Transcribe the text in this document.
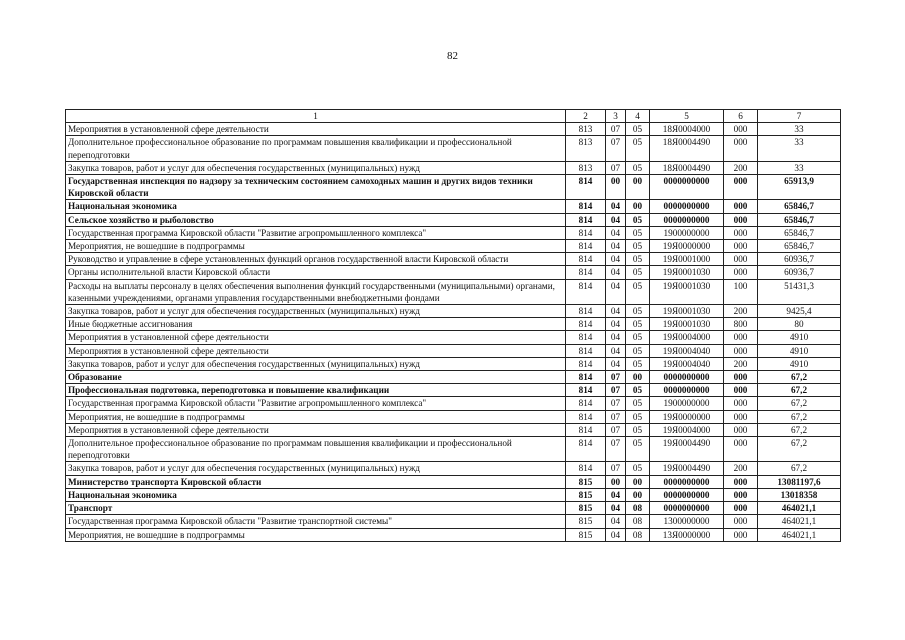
82
1	2	3	4	5	6	7
Мероприятия в установленной сфере деятельности	813	07	05	18Я0004000	000	33
Дополнительное профессиональное образование по программам повышения квалификации и профессиональной переподготовки	813	07	05	18Я0004490	000	33
Закупка товаров, работ и услуг для обеспечения государственных (муниципальных) нужд	813	07	05	18Я0004490	200	33
Государственная инспекция по надзору за техническим состоянием самоходных машин и других видов техники Кировской области	814	00	00	0000000000	000	65913,9
Национальная экономика	814	04	00	0000000000	000	65846,7
Сельское хозяйство и рыболовство	814	04	05	0000000000	000	65846,7
Государственная программа Кировской области "Развитие агропромышленного комплекса"	814	04	05	1900000000	000	65846,7
Мероприятия, не вошедшие в подпрограммы	814	04	05	19Я0000000	000	65846,7
Руководство и управление в сфере установленных функций органов государственной власти Кировской области	814	04	05	19Я0001000	000	60936,7
Органы исполнительной власти Кировской области	814	04	05	19Я0001030	000	60936,7
Расходы на выплаты персоналу в целях обеспечения выполнения функций государственными (муниципальными) органами, казенными учреждениями, органами управления государственными внебюджетными фондами	814	04	05	19Я0001030	100	51431,3
Закупка товаров, работ и услуг для обеспечения государственных (муниципальных) нужд	814	04	05	19Я0001030	200	9425,4
Иные бюджетные ассигнования	814	04	05	19Я0001030	800	80
Мероприятия в установленной сфере деятельности	814	04	05	19Я0004000	000	4910
Мероприятия в установленной сфере деятельности	814	04	05	19Я0004040	000	4910
Закупка товаров, работ и услуг для обеспечения государственных (муниципальных) нужд	814	04	05	19Я0004040	200	4910
Образование	814	07	00	0000000000	000	67,2
Профессиональная подготовка, переподготовка и повышение квалификации	814	07	05	0000000000	000	67,2
Государственная программа Кировской области "Развитие агропромышленного комплекса"	814	07	05	1900000000	000	67,2
Мероприятия, не вошедшие в подпрограммы	814	07	05	19Я0000000	000	67,2
Мероприятия в установленной сфере деятельности	814	07	05	19Я0004000	000	67,2
Дополнительное профессиональное образование по программам повышения квалификации и профессиональной переподготовки	814	07	05	19Я0004490	000	67,2
Закупка товаров, работ и услуг для обеспечения государственных (муниципальных) нужд	814	07	05	19Я0004490	200	67,2
Министерство транспорта Кировской области	815	00	00	0000000000	000	13081197,6
Национальная экономика	815	04	00	0000000000	000	13018358
Транспорт	815	04	08	0000000000	000	464021,1
Государственная программа Кировской области "Развитие транспортной системы"	815	04	08	1300000000	000	464021,1
Мероприятия, не вошедшие в подпрограммы	815	04	08	13Я0000000	000	464021,1
